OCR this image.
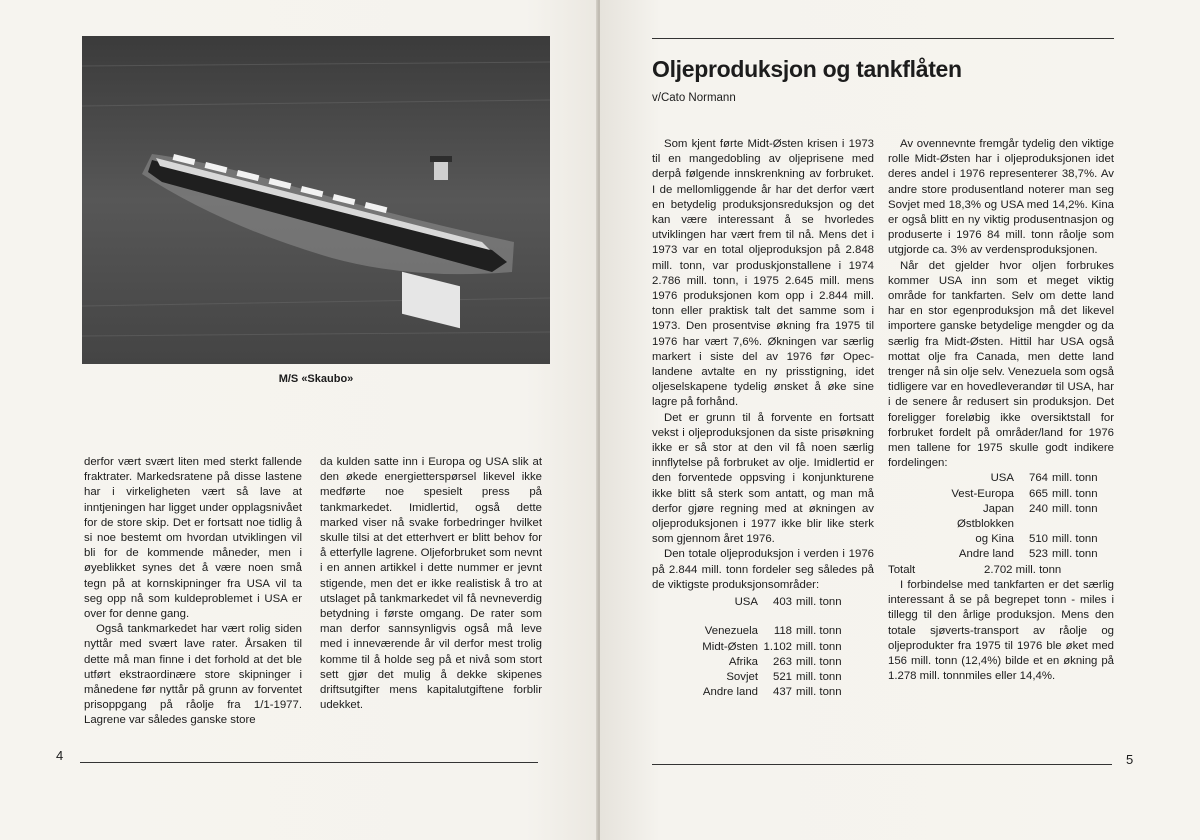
M/S «Skaubo»

derfor vært svært liten med sterkt fallende fraktrater. Markedsratene på disse lastene har i virkeligheten vært så lave at inntjeningen har ligget under opplagsnivået for de store skip. Det er fortsatt noe tidlig å si noe bestemt om hvordan utviklingen vil bli for de kommende måneder, men i øyeblikket synes det å være noen små tegn på at kornskipninger fra USA vil ta seg opp nå som kuldeproblemet i USA er over for denne gang.

Også tankmarkedet har vært rolig siden nyttår med svært lave rater. Årsaken til dette må man finne i det forhold at det ble utført ekstraordinære store skipninger i månedene før nyttår på grunn av forventet prisoppgang på råolje fra 1/1-1977. Lagrene var således ganske store

da kulden satte inn i Europa og USA slik at den økede energietterspørsel likevel ikke medførte noe spesielt press på tankmarkedet. Imidlertid, også dette marked viser nå svake forbedringer hvilket skulle tilsi at det etterhvert er blitt behov for å etterfylle lagrene. Oljeforbruket som nevnt i en annen artikkel i dette nummer er jevnt stigende, men det er ikke realistisk å tro at utslaget på tankmarkedet vil få nevneverdig betydning i første omgang. De rater som man derfor sannsynligvis også må leve med i inneværende år vil derfor mest trolig komme til å holde seg på et nivå som stort sett gjør det mulig å dekke skipenes driftsutgifter mens kapitalutgiftene forblir udekket.

4
Oljeproduksjon og tankflåten
v/Cato Normann

Som kjent førte Midt-Østen krisen i 1973 til en mangedobling av oljeprisene med derpå følgende innskrenkning av forbruket. I de mellomliggende år har det derfor vært en betydelig produksjonsreduksjon og det kan være interessant å se hvorledes utviklingen har vært frem til nå. Mens det i 1973 var en total oljeproduksjon på 2.848 mill. tonn, var produskjonstallene i 1974 2.786 mill. tonn, i 1975 2.645 mill. mens 1976 produksjonen kom opp i 2.844 mill. tonn eller praktisk talt det samme som i 1973. Den prosentvise økning fra 1975 til 1976 har vært 7,6%. Økningen var særlig markert i siste del av 1976 før Opec-landene avtalte en ny prisstigning, idet oljeselskapene tydelig ønsket å øke sine lagre på forhånd.

Det er grunn til å forvente en fortsatt vekst i oljeproduksjonen da siste prisøkning ikke er så stor at den vil få noen særlig innflytelse på forbruket av olje. Imidlertid er den forventede oppsving i konjunkturene ikke blitt så sterk som antatt, og man må derfor gjøre regning med at økningen av oljeproduksjonen i 1977 ikke blir like sterk som gjennom året 1976.

Den totale oljeproduksjon i verden i 1976 på 2.844 mill. tonn fordeler seg således på de viktigste produksjonsområder:

USA	403	mill. tonn

Venezuela	118	mill. tonn
Midt-Østen	1.102	mill. tonn
Afrika	263	mill. tonn
Sovjet	521	mill. tonn
Andre land	437	mill. tonn

Av ovennevnte fremgår tydelig den viktige rolle Midt-Østen har i oljeproduksjonen idet deres andel i 1976 representerer 38,7%. Av andre store produsentland noterer man seg Sovjet med 18,3% og USA med 14,2%. Kina er også blitt en ny viktig produsentnasjon og produserte i 1976 84 mill. tonn råolje som utgjorde ca. 3% av verdensproduksjonen.

Når det gjelder hvor oljen forbrukes kommer USA inn som et meget viktig område for tankfarten. Selv om dette land har en stor egenproduksjon må det likevel importere ganske betydelige mengder og da særlig fra Midt-Østen. Hittil har USA også mottat olje fra Canada, men dette land trenger nå sin olje selv. Venezuela som også tidligere var en hovedleverandør til USA, har i de senere år redusert sin produksjon. Det foreligger foreløbig ikke oversiktstall for forbruket fordelt på områder/land for 1976 men tallene for 1975 skulle godt indikere fordelingen:

USA	764	mill. tonn
Vest-Europa	665	mill. tonn
Japan	240	mill. tonn
Østblokken		
og Kina	510	mill. tonn
Andre land	523	mill. tonn
Totalt	2.702 mill. tonn

I forbindelse med tankfarten er det særlig interessant å se på begrepet tonn - miles i tillegg til den årlige produksjon. Mens den totale sjøverts-transport av råolje og oljeprodukter fra 1975 til 1976 ble øket med 156 mill. tonn (12,4%) bilde et en økning på 1.278 mill. tonnmiles eller 14,4%.

5
